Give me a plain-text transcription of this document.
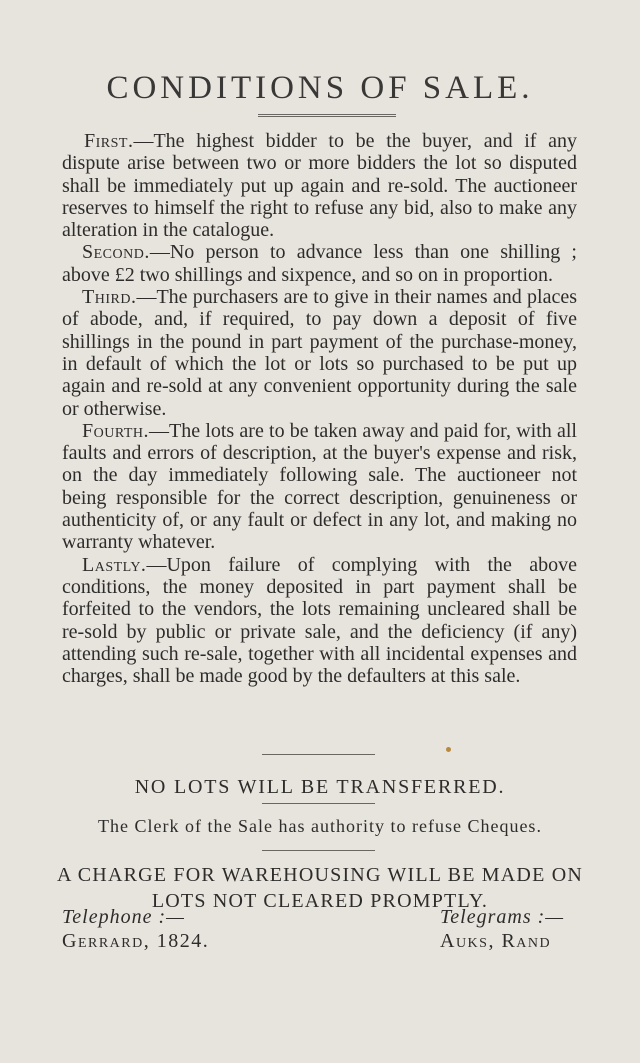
CONDITIONS OF SALE.

First.—The highest bidder to be the buyer, and if any dispute arise between two or more bidders the lot so disputed shall be immediately put up again and re-sold. The auctioneer reserves to himself the right to refuse any bid, also to make any alteration in the catalogue.

Second.—No person to advance less than one shilling ; above £2 two shillings and sixpence, and so on in proportion.

Third.—The purchasers are to give in their names and places of abode, and, if required, to pay down a deposit of five shillings in the pound in part payment of the purchase-money, in default of which the lot or lots so purchased to be put up again and re-sold at any convenient opportunity during the sale or otherwise.

Fourth.—The lots are to be taken away and paid for, with all faults and errors of description, at the buyer's expense and risk, on the day immediately following sale. The auctioneer not being responsible for the correct description, genuineness or authenticity of, or any fault or defect in any lot, and making no warranty whatever.

Lastly.—Upon failure of complying with the above conditions, the money deposited in part payment shall be forfeited to the vendors, the lots remaining uncleared shall be re-sold by public or private sale, and the deficiency (if any) attending such re-sale, together with all incidental expenses and charges, shall be made good by the defaulters at this sale.

NO LOTS WILL BE TRANSFERRED.
The Clerk of the Sale has authority to refuse Cheques.
A CHARGE FOR WAREHOUSING WILL BE MADE ON
LOTS NOT CLEARED PROMPTLY.
Telephone :—
Gerrard, 1824.
Telegrams :—
Auks, Rand
